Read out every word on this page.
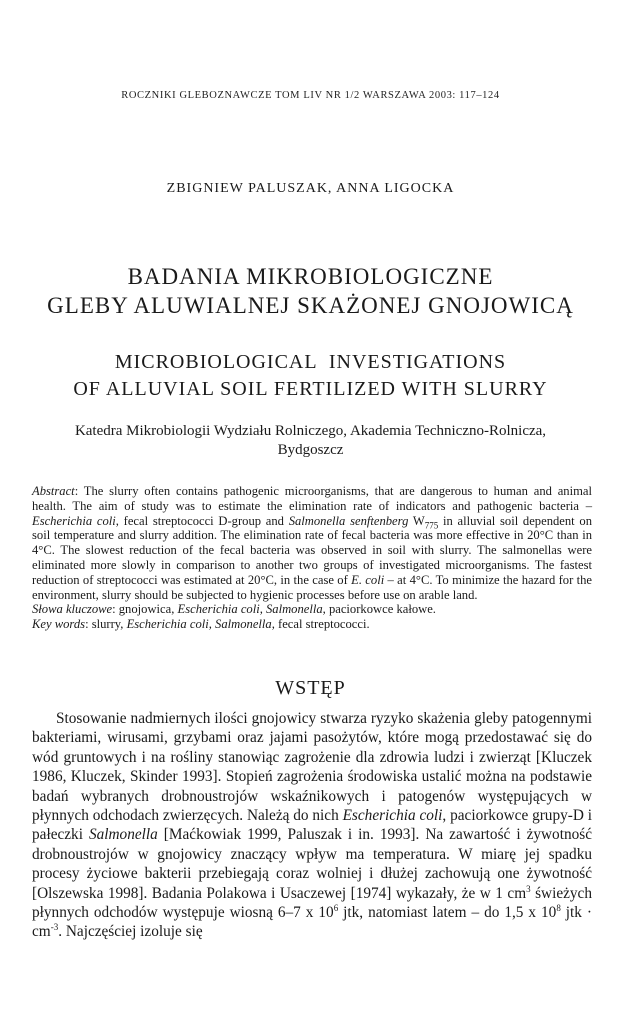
ROCZNIKI GLEBOZNAWCZE TOM LIV NR 1/2 WARSZAWA 2003: 117–124
ZBIGNIEW PALUSZAK, ANNA LIGOCKA
BADANIA MIKROBIOLOGICZNE
GLEBY ALUWIALNEJ SKAŻONEJ GNOJOWICĄ
MICROBIOLOGICAL  INVESTIGATIONS
OF ALLUVIAL SOIL FERTILIZED WITH SLURRY
Katedra Mikrobiologii Wydziału Rolniczego, Akademia Techniczno-Rolnicza,
Bydgoszcz

Abstract: The slurry often contains pathogenic microorganisms, that are dangerous to human and animal health. The aim of study was to estimate the elimination rate of indicators and pathogenic bacteria – Escherichia coli, fecal streptococci D-group and Salmonella senftenberg $W_{775}$ in alluvial soil dependent on soil temperature and slurry addition. The elimination rate of fecal bacteria was more effective in 20°C than in 4°C. The slowest reduction of the fecal bacteria was observed in soil with slurry. The salmonellas were eliminated more slowly in comparison to another two groups of investigated microorganisms. The fastest reduction of streptococci was estimated at 20°C, in the case of E. coli – at 4°C. To minimize the hazard for the environment, slurry should be subjected to hygienic processes before use on arable land.

Słowa kluczowe: gnojowica, Escherichia coli, Salmonella, paciorkowce kałowe.

Key words: slurry, Escherichia coli, Salmonella, fecal streptococci.

WSTĘP

Stosowanie nadmiernych ilości gnojowicy stwarza ryzyko skażenia gleby patogennymi bakteriami, wirusami, grzybami oraz jajami pasożytów, które mogą przedostawać się do wód gruntowych i na rośliny stanowiąc zagrożenie dla zdrowia ludzi i zwierząt [Kluczek 1986, Kluczek, Skinder 1993]. Stopień zagrożenia środowiska ustalić można na podstawie badań wybranych drobnoustrojów wskaźnikowych i patogenów występujących w płynnych odchodach zwierzęcych. Należą do nich Escherichia coli, paciorkowce grupy-D i pałeczki Salmonella [Maćkowiak 1999, Paluszak i in. 1993]. Na zawartość i żywotność drobnoustrojów w gnojowicy znaczący wpływ ma temperatura. W miarę jej spadku procesy życiowe bakterii przebiegają coraz wolniej i dłużej zachowują one żywotność [Olszewska 1998]. Badania Polakowa i Usaczewej [1974] wykazały, że w 1 $cm^3$ świeżych płynnych odchodów występuje wiosną 6–7 x $10^6$ jtk, natomiast latem – do 1,5 x $10^8$ jtk · $cm^{-3}$. Najczęściej izoluje się
